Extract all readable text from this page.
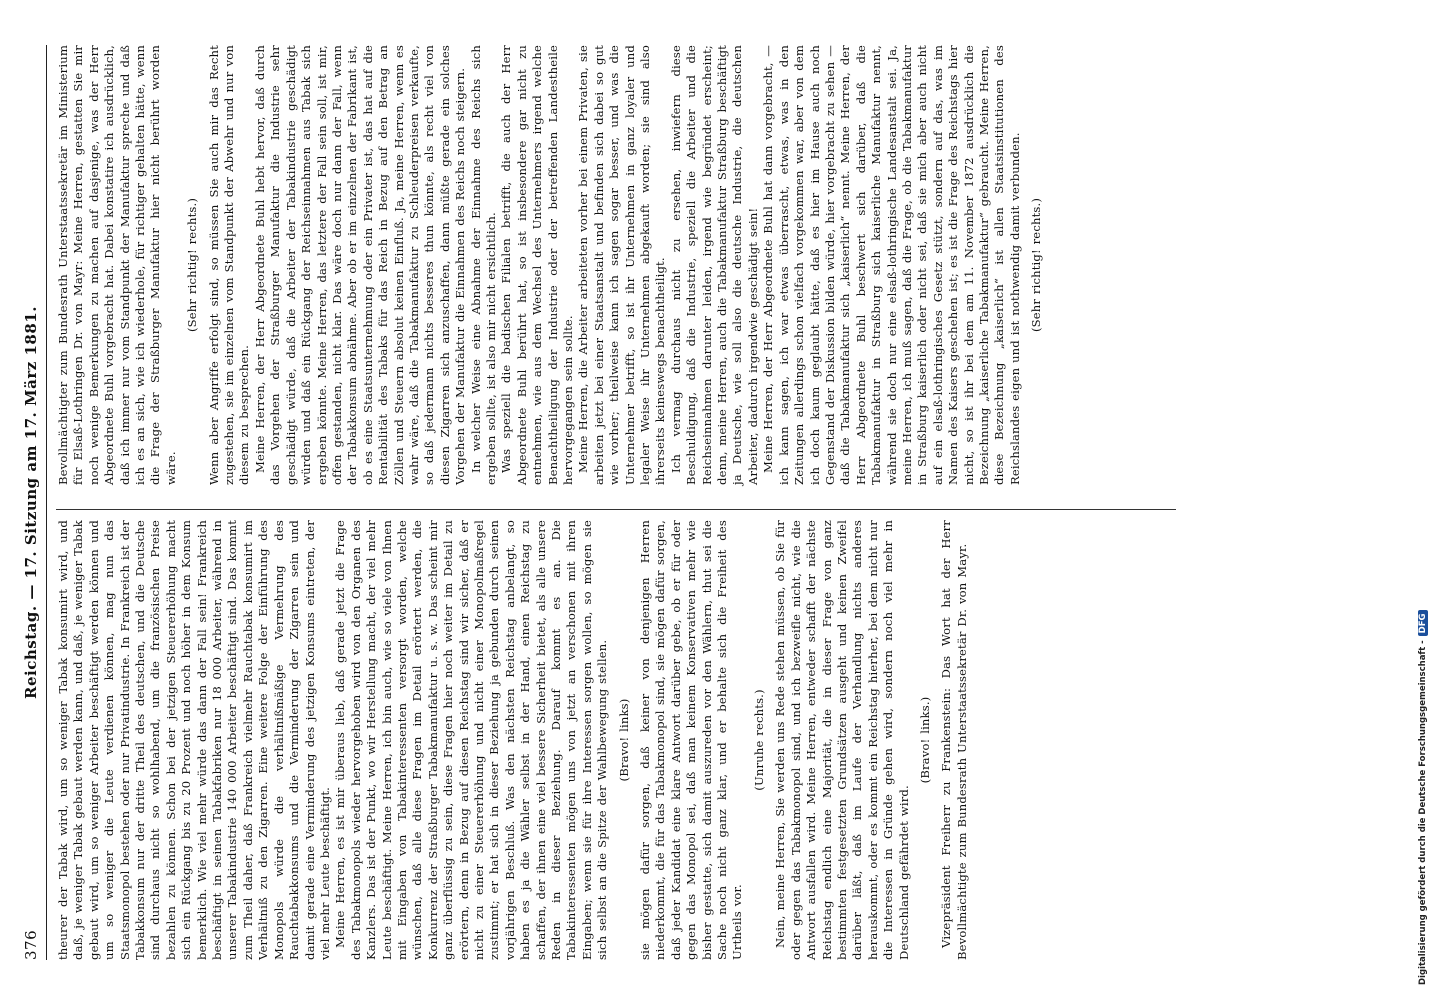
376
Reichstag. — 17. Sitzung am 17. März 1881.

theurer der Tabak wird, um so weniger Tabak konsumirt wird, und daß, je weniger Tabak gebaut werden kann, und daß, je weniger Tabak gebaut wird, um so weniger Arbeiter beschäftigt werden können und um so weniger die Leute verdienen können, mag nun das Staatsmonopol bestehen oder nur Privatindustrie. In Frankreich ist der Tabakkonsum nur der dritte Theil des deutschen, und die Deutsche sind durchaus nicht so wohlhabend, um die französischen Preise bezahlen zu können. Schon bei der jetzigen Steuererhöhung macht sich ein Rückgang bis zu 20 Prozent und noch höher in dem Konsum bemerklich. Wie viel mehr würde das dann der Fall sein! Frankreich beschäftigt in seinen Tabakfabriken nur 18 000 Arbeiter, während in unserer Tabakindustrie 140 000 Arbeiter beschäftigt sind. Das kommt zum Theil daher, daß Frankreich vielmehr Rauchtabak konsumirt im Verhältniß zu den Zigarren. Eine weitere Folge der Einführung des Monopols würde die verhältnißmäßige Vermehrung des Rauchtabakkonsums und die Verminderung der Zigarren sein und damit gerade eine Verminderung des jetzigen Konsums eintreten, der viel mehr Leute beschäftigt. Meine Herren, es ist mir überaus lieb, daß gerade jetzt die Frage des Tabakmonopols wieder hervorgehoben wird von den Organen des Kanzlers. Das ist der Punkt, wo wir Herstellung macht, der viel mehr Leute beschäftigt. Meine Herren, ich bin auch, wie so viele von Ihnen mit Eingaben von Tabakinteressenten versorgt worden, welche wünschen, daß alle diese Fragen im Detail erörtert werden, die Konkurrenz der Straßburger Tabakmanufaktur u. s. w. Das scheint mir ganz überflüssig zu sein, diese Fragen hier noch weiter im Detail zu erörtern, denn in Bezug auf diesen Reichstag sind wir sicher, daß er nicht zu einer Steuererhöhung und nicht einer Monopolmaßregel zustimmt; er hat sich in dieser Beziehung ja gebunden durch seinen vorjährigen Beschluß. Was den nächsten Reichstag anbelangt, so haben es ja die Wähler selbst in der Hand, einen Reichstag zu schaffen, der ihnen eine viel bessere Sicherheit bietet, als alle unsere Reden in dieser Beziehung. Darauf kommt es an. Die Tabakinteressenten mögen uns von jetzt an verschonen mit ihren Eingaben; wenn sie für ihre Interessen sorgen wollen, so mögen sie sich selbst an die Spitze der Wahlbewegung stellen. (Bravo! links) sie mögen dafür sorgen, daß keiner von denjenigen Herren niederkommt, die für das Tabakmonopol sind, sie mögen dafür sorgen, daß jeder Kandidat eine klare Antwort darüber gebe, ob er für oder gegen das Monopol sei, daß man keinem Konservativen mehr wie bisher gestatte, sich damit auszureden vor den Wählern, thut sei die Sache noch nicht ganz klar, und er behalte sich die Freiheit des Urtheils vor.

(Unruhe rechts.) Nein, meine Herren, Sie werden uns Rede stehen müssen, ob Sie für oder gegen das Tabakmonopol sind, und ich bezweifle nicht, wie die Antwort ausfallen wird. Meine Herren, entweder schafft der nächste Reichstag endlich eine Majorität, die in dieser Frage von ganz bestimmten festgesetzten Grundsätzen ausgeht und keinen Zweifel darüber läßt, daß im Laufe der Verhandlung nichts anderes herauskommt, oder es kommt ein Reichstag hierher, bei dem nicht nur die Interessen in Gründe gehen wird, sondern noch viel mehr in Deutschland gefährdet wird.

(Bravo! links.) Vizepräsident Freiherr zu Frankenstein: Das Wort hat der Herr Bevollmächtigte zum Bundesrath Unterstaatssekretär Dr. von Mayr.

Bevollmächtigter zum Bundesrath Unterstaatssekretär im Ministerium für Elsaß-Lothringen Dr. von Mayr: Meine Herren, gestatten Sie mir noch wenige Bemerkungen zu machen auf dasjenige, was der Herr Abgeordnete Buhl vorgebracht hat. Dabei konstatire ich ausdrücklich, daß ich immer nur vom Standpunkt der Manufaktur spreche und daß ich es an sich, wie ich wiederhole, für richtiger gehalten hätte, wenn die Frage der Straßburger Manufaktur hier nicht berührt worden wäre.

(Sehr richtig! rechts.) Wenn aber Angriffe erfolgt sind, so müssen Sie auch mir das Recht zugestehen, sie im einzelnen vom Standpunkt der Abwehr und nur von diesem zu besprechen. Meine Herren, der Herr Abgeordnete Buhl hebt hervor, daß durch das Vorgehen der Straßburger Manufaktur die Industrie sehr geschädigt würde, daß die Arbeiter der Tabakindustrie geschädigt würden und daß ein Rückgang der Reichseinnahmen aus Tabak sich ergeben könnte. Meine Herren, das letztere der Fall sein soll, ist mir, offen gestanden, nicht klar. Das wäre doch nur dann der Fall, wenn der Tabakkonsum abnähme. Aber ob er im einzelnen der Fabrikant ist, ob es eine Staatsunternehmung oder ein Privater ist, das hat auf die Rentabilität des Tabaks für das Reich in Bezug auf den Betrag an Zöllen und Steuern absolut keinen Einfluß. Ja, meine Herren, wenn es wahr wäre, daß die Tabakmanufaktur zu Schleuderpreisen verkaufte, so daß jedermann nichts besseres thun könnte, als recht viel von diesen Zigarren sich anzuschaffen, dann müßte gerade ein solches Vorgehen der Manufaktur die Einnahmen des Reichs noch steigern. In welcher Weise eine Abnahme der Einnahme des Reichs sich ergeben sollte, ist also mir nicht ersichtlich. Was speziell die badischen Filialen betrifft, die auch der Herr Abgeordnete Buhl berührt hat, so ist insbesondere gar nicht zu entnehmen, wie aus dem Wechsel des Unternehmers irgend welche Benachtheiligung der Industrie oder der betreffenden Landestheile hervorgegangen sein sollte. Meine Herren, die Arbeiter arbeiteten vorher bei einem Privaten, sie arbeiten jetzt bei einer Staatsanstalt und befinden sich dabei so gut wie vorher; theilweise kann ich sagen sogar besser, und was die Unternehmer betrifft, so ist ihr Unternehmen in ganz loyaler und legaler Weise ihr Unternehmen abgekauft worden; sie sind also ihrerseits keineswegs benachtheiligt. Ich vermag durchaus nicht zu ersehen, inwiefern diese Beschuldigung, daß die Industrie, speziell die Arbeiter und die Reichseinnahmen darunter leiden, irgend wie begründet erscheint; denn, meine Herren, auch die Tabakmanufaktur Straßburg beschäftigt ja Deutsche, wie soll also die deutsche Industrie, die deutschen Arbeiter, dadurch irgendwie geschädigt sein! Meine Herren, der Herr Abgeordnete Buhl hat dann vorgebracht, — ich kann sagen, ich war etwas überrascht, etwas, was in den Zeitungen allerdings schon vielfach vorgekommen war, aber von dem ich doch kaum geglaubt hätte, daß es hier im Hause auch noch Gegenstand der Diskussion bilden würde, hier vorgebracht zu sehen — daß die Tabakmanufaktur sich „kaiserlich“ nennt. Meine Herren, der Herr Abgeordnete Buhl beschwert sich darüber, daß die Tabakmanufaktur in Straßburg sich kaiserliche Manufaktur nennt, während sie doch nur eine elsaß-lothringische Landesanstalt sei. Ja, meine Herren, ich muß sagen, daß die Frage, ob die Tabakmanufaktur in Straßburg kaiserlich oder nicht sei, daß sie mich aber auch nicht auf ein elsaß-lothringisches Gesetz stützt, sondern auf das, was im Namen des Kaisers geschehen ist; es ist die Frage des Reichstags hier nicht, so ist ihr bei dem am 11. November 1872 ausdrücklich die Bezeichnung „kaiserliche Tabakmanufaktur“ gebraucht. Meine Herren, diese Bezeichnung „kaiserlich“ ist allen Staatsinstitutionen des Reichslandes eigen und ist nothwendig damit verbunden. (Sehr richtig! rechts.)

Digitalisierung gefördert durch die Deutsche Forschungsgemeinschaft -DFG
